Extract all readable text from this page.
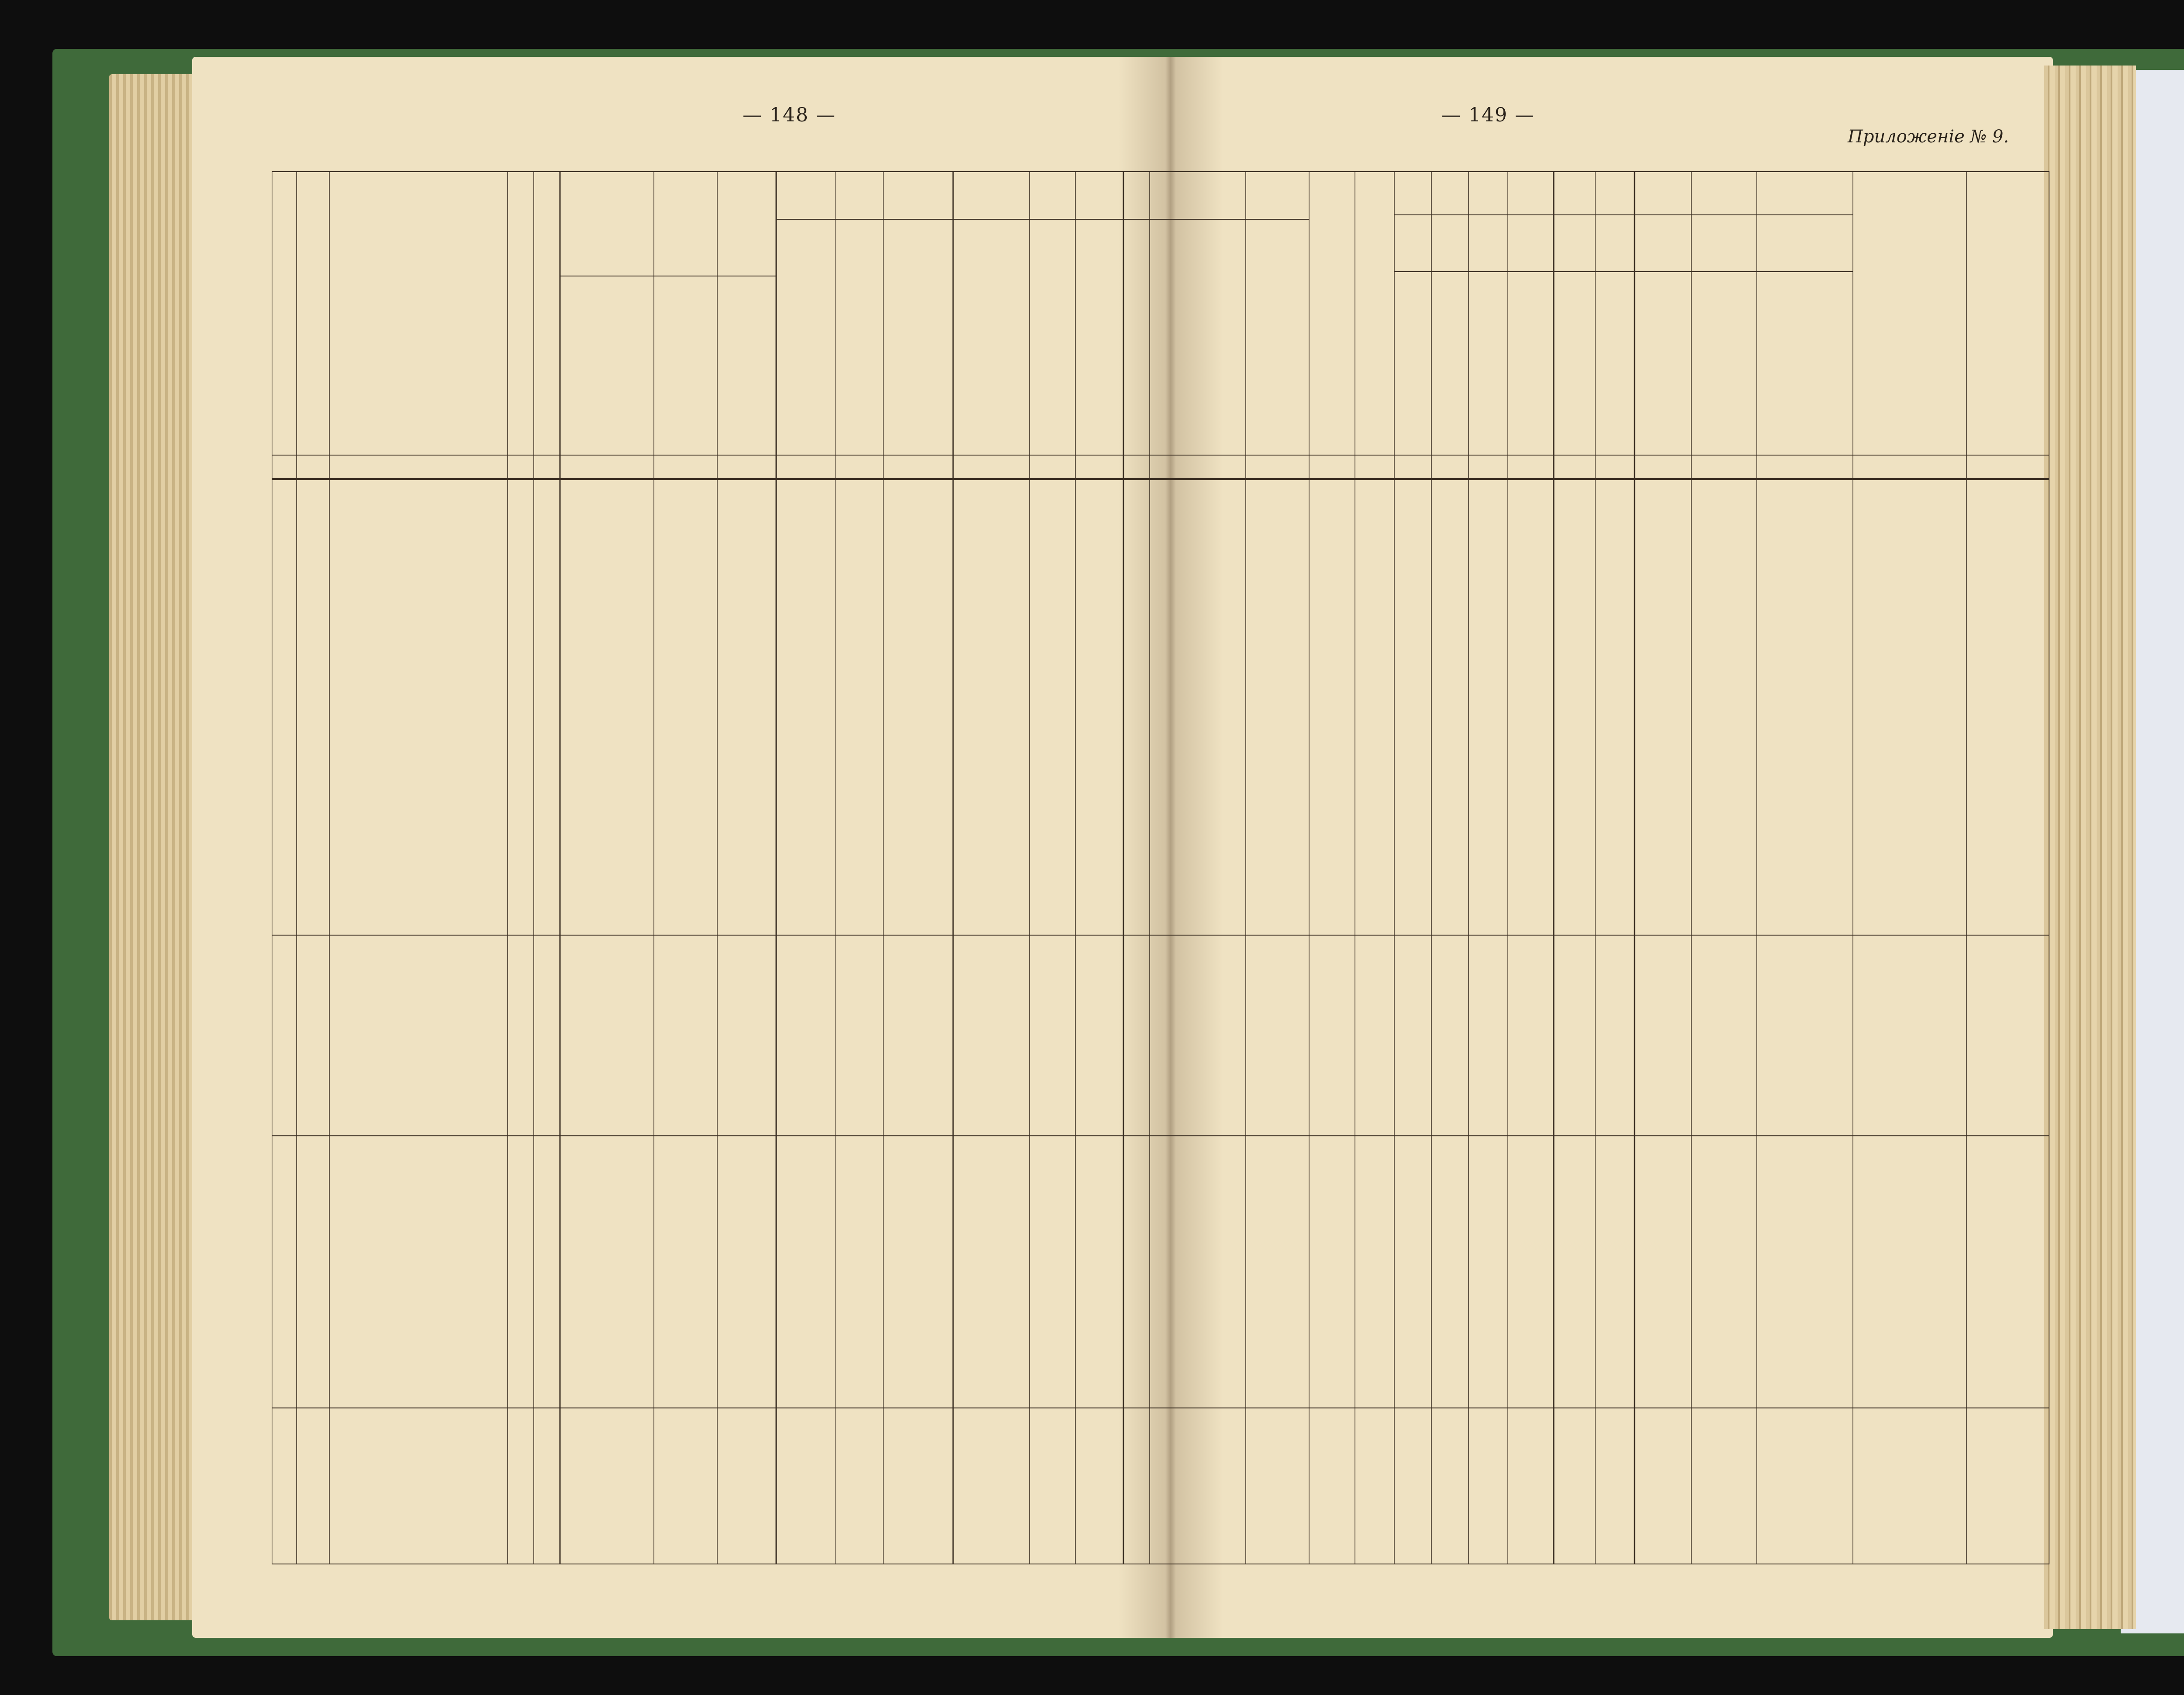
— 148 —	— 149 —
Приложеніе № 9.
